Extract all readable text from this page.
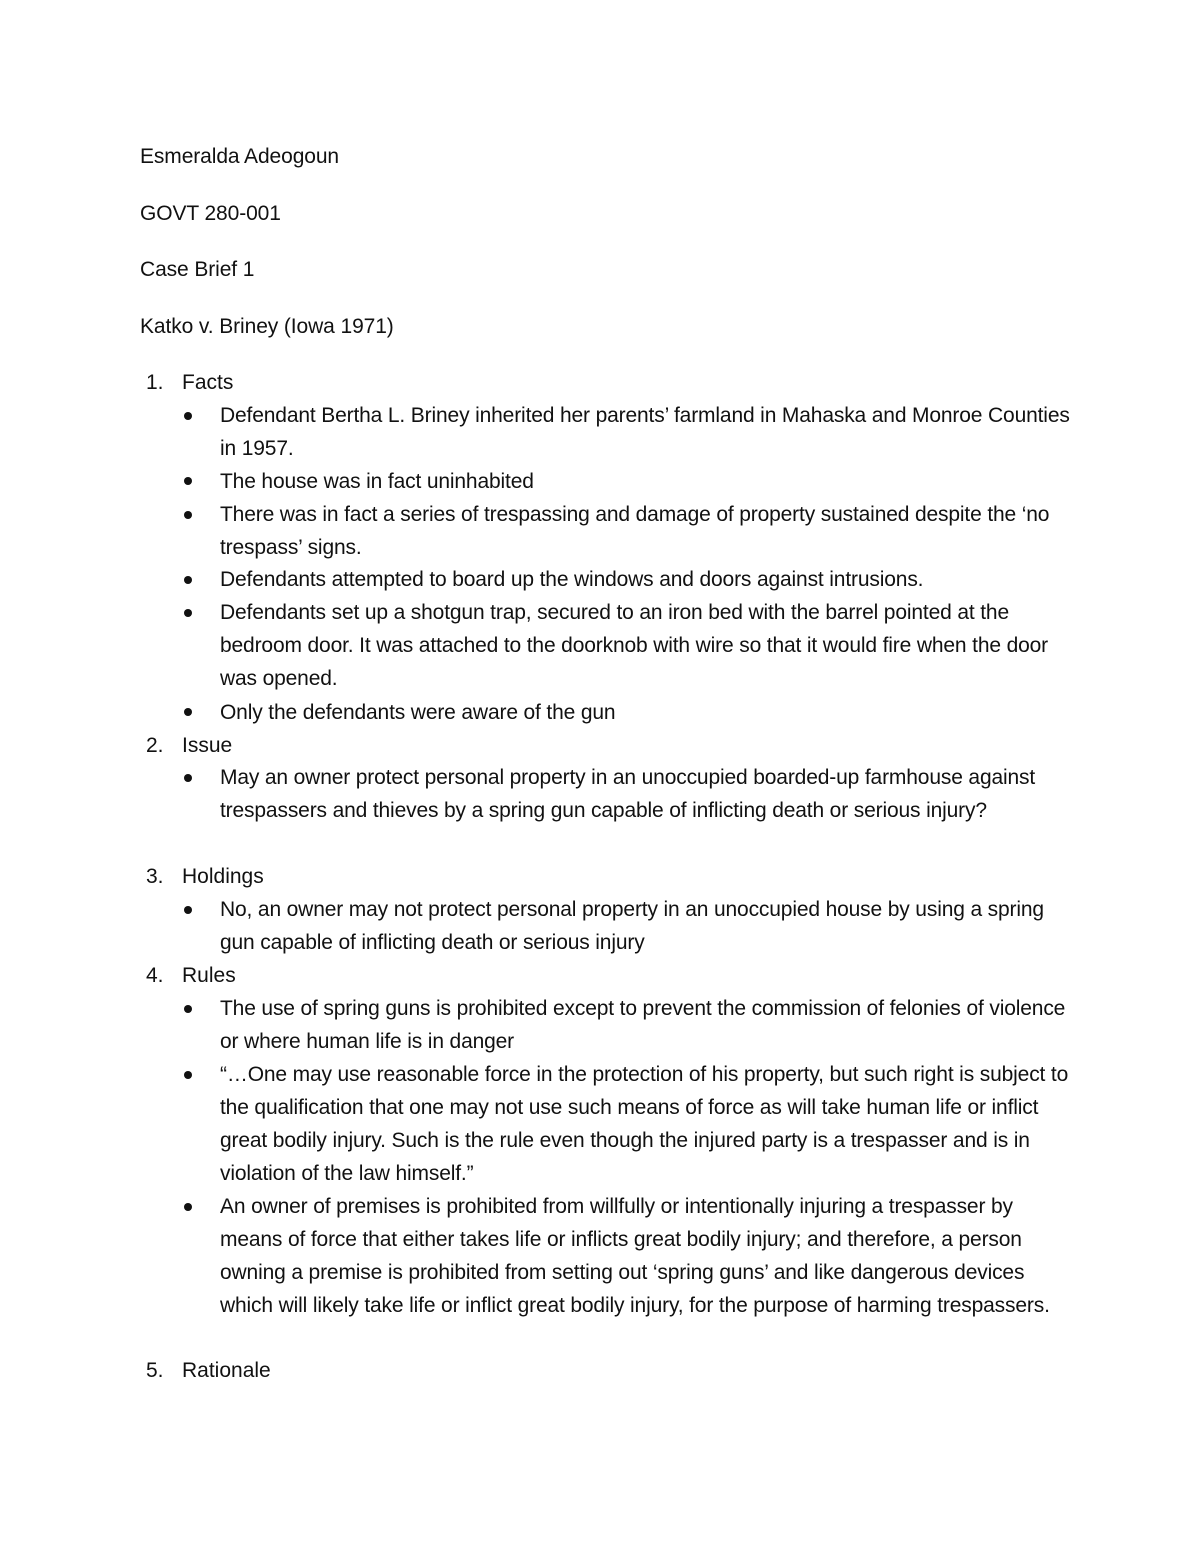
Esmeralda Adeogoun
GOVT 280-001
Case Brief 1
Katko v. Briney (Iowa 1971)
1. Facts
Defendant Bertha L. Briney inherited her parents’ farmland in Mahaska and Monroe Counties in 1957.
The house was in fact uninhabited
There was in fact a series of trespassing and damage of property sustained despite the ‘no trespass’ signs.
Defendants attempted to board up the windows and doors against intrusions.
Defendants set up a shotgun trap, secured to an iron bed with the barrel pointed at the bedroom door. It was attached to the doorknob with wire so that it would fire when the door was opened.
Only the defendants were aware of the gun
2. Issue
May an owner protect personal property in an unoccupied boarded-up farmhouse against trespassers and thieves by a spring gun capable of inflicting death or serious injury?
3. Holdings
No, an owner may not protect personal property in an unoccupied house by using a spring gun capable of inflicting death or serious injury
4. Rules
The use of spring guns is prohibited except to prevent the commission of felonies of violence or where human life is in danger
“…One may use reasonable force in the protection of his property, but such right is subject to the qualification that one may not use such means of force as will take human life or inflict great bodily injury. Such is the rule even though the injured party is a trespasser and is in violation of the law himself.”
An owner of premises is prohibited from willfully or intentionally injuring a trespasser by means of force that either takes life or inflicts great bodily injury; and therefore, a person owning a premise is prohibited from setting out ‘spring guns’ and like dangerous devices which will likely take life or inflict great bodily injury, for the purpose of harming trespassers.
5. Rationale
